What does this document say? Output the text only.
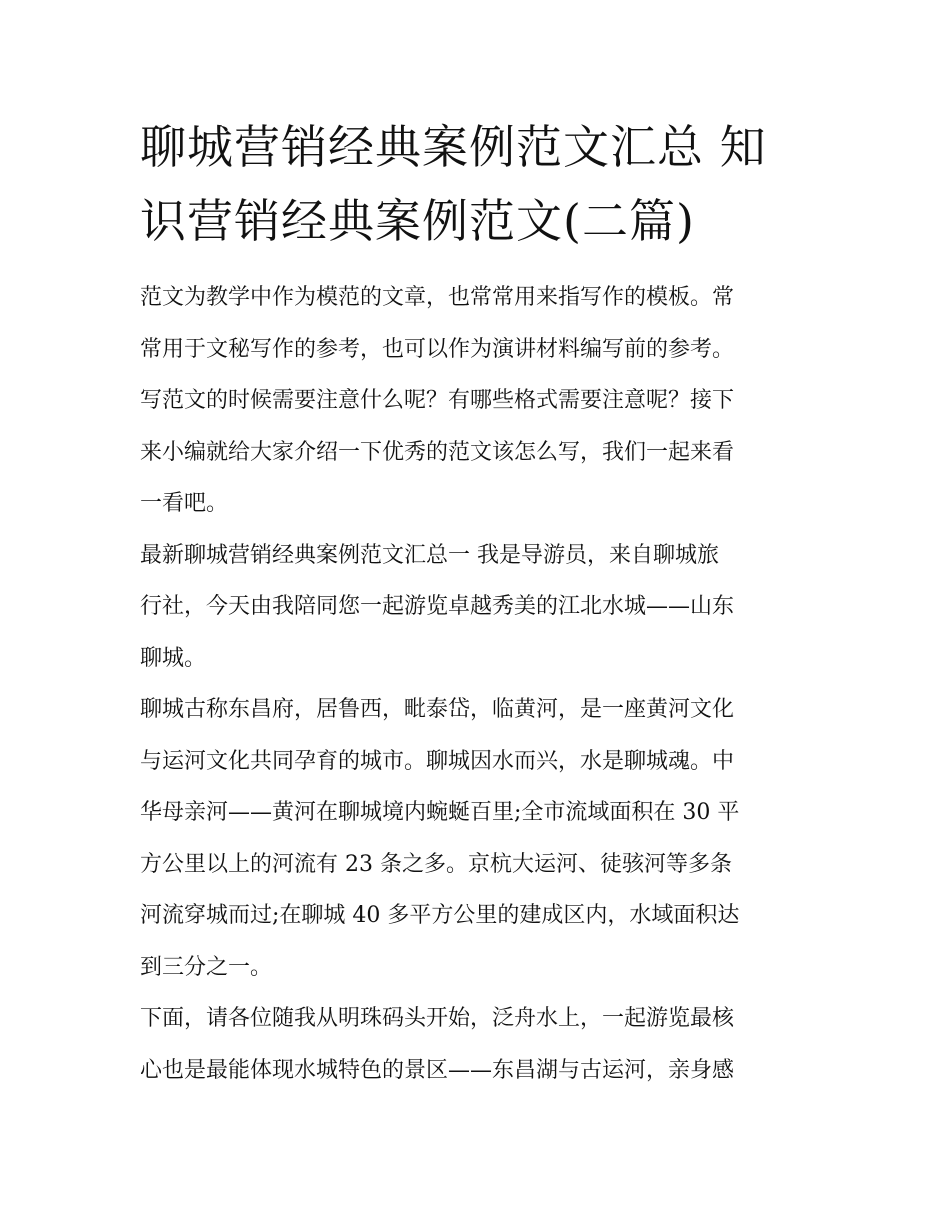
聊城营销经典案例范文汇总 知
识营销经典案例范文(二篇)

范文为教学中作为模范的文章，也常常用来指写作的模板。常
常用于文秘写作的参考，也可以作为演讲材料编写前的参考。
写范文的时候需要注意什么呢？有哪些格式需要注意呢？接下
来小编就给大家介绍一下优秀的范文该怎么写，我们一起来看
一看吧。

最新聊城营销经典案例范文汇总一 我是导游员，来自聊城旅
行社，今天由我陪同您一起游览卓越秀美的江北水城——山东
聊城。

聊城古称东昌府，居鲁西，毗泰岱，临黄河，是一座黄河文化
与运河文化共同孕育的城市。聊城因水而兴，水是聊城魂。中
华母亲河——黄河在聊城境内蜿蜒百里;全市流域面积在 30 平
方公里以上的河流有 23 条之多。京杭大运河、徒骇河等多条
河流穿城而过;在聊城 40 多平方公里的建成区内，水域面积达
到三分之一。

下面，请各位随我从明珠码头开始，泛舟水上，一起游览最核
心也是最能体现水城特色的景区——东昌湖与古运河，亲身感
